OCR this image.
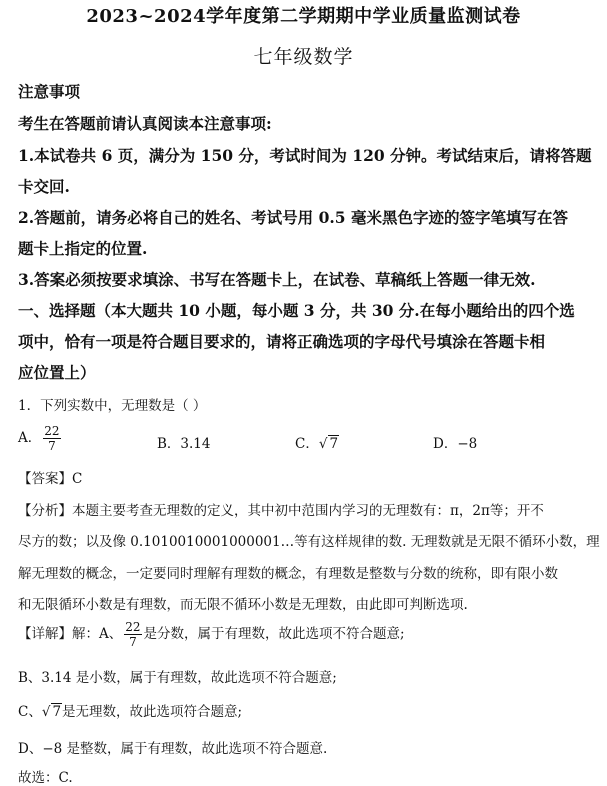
2023~2024学年度第二学期期中学业质量监测试卷
七年级数学
注意事项
考生在答题前请认真阅读本注意事项:
1.本试卷共 6 页，满分为 150 分，考试时间为 120 分钟。考试结束后，请将答题
卡交回.
2.答题前，请务必将自己的姓名、考试号用 0.5 毫米黑色字迹的签字笔填写在答
题卡上指定的位置.
3.答案必须按要求填涂、书写在答题卡上，在试卷、草稿纸上答题一律无效.
一、选择题（本大题共 10 小题，每小题 3 分，共 30 分.在每小题给出的四个选
项中，恰有一项是符合题目要求的，请将正确选项的字母代号填涂在答题卡相
应位置上）
1．下列实数中，无理数是（ ）
A． $\frac{22}{7}$	B．3.14	C．√ 7	D．−8
【答案】C
【分析】本题主要考查无理数的定义，其中初中范围内学习的无理数有：π，2π等；开不
尽方的数；以及像 0.1010010001000001…等有这样规律的数. 无理数就是无限不循环小数，理
解无理数的概念，一定要同时理解有理数的概念，有理数是整数与分数的统称，即有限小数
和无限循环小数是有理数，而无限不循环小数是无理数，由此即可判断选项.
【详解】解：A、 $\frac{22}{7}$ 是分数，属于有理数，故此选项不符合题意;
B、3.14 是小数，属于有理数，故此选项不符合题意;
C、√ 7是无理数，故此选项符合题意;
D、−8 是整数，属于有理数，故此选项不符合题意.
故选：C.
